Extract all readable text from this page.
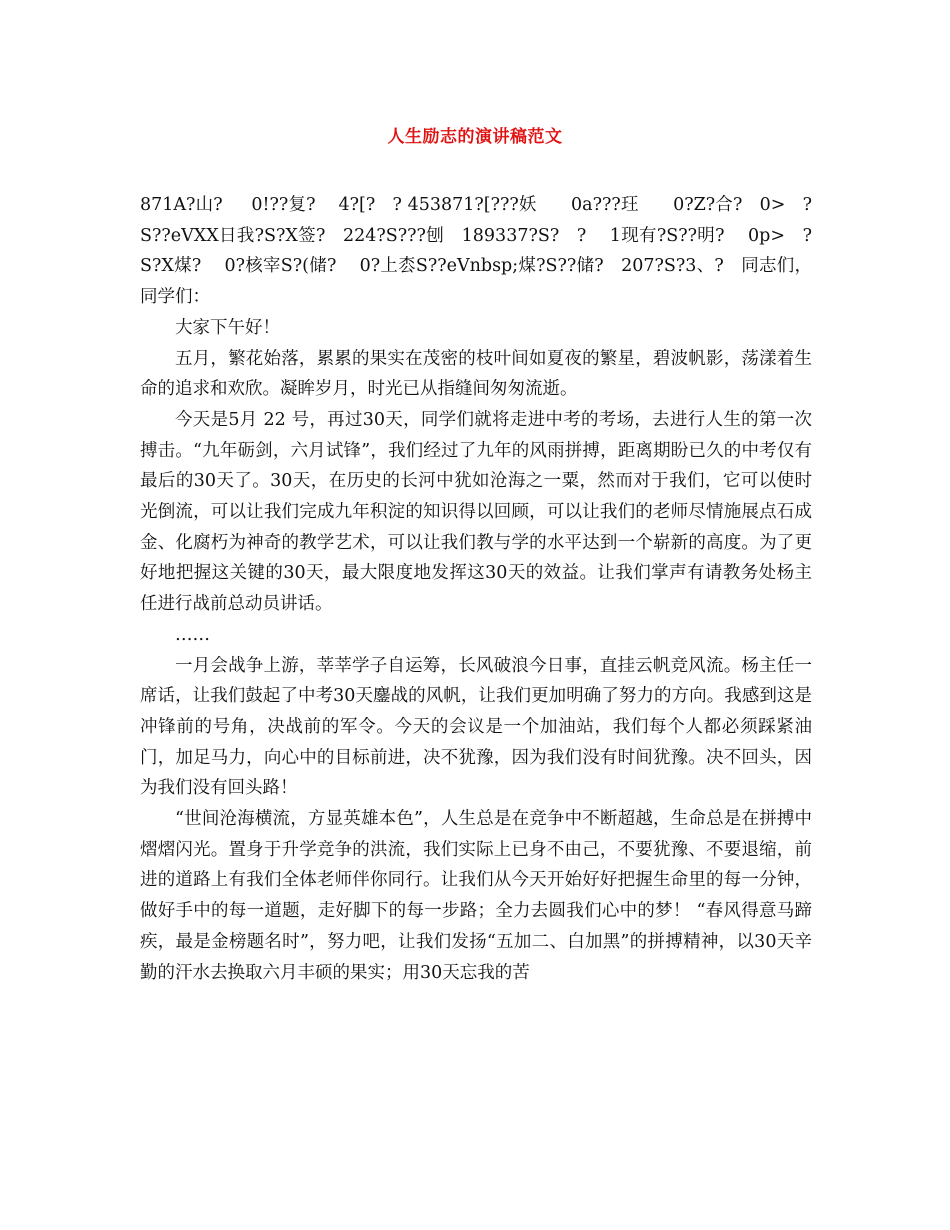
人生励志的演讲稿范文

871A?山?     0!??复?    4?[?   ? 453871?[???妖      0a???玨      0?Z?合?   0>   ? S??eVXX日我?S?X签?   224?S???刨   189337?S?   ?    1现有?S??明?    0p>   ?S?X煤?    0?核宰S?(储?    0?上枩S??eVnbsp;煤?S??储?   207?S?3、?   同志们，同学们：

大家下午好！

五月，繁花始落，累累的果实在茂密的枝叶间如夏夜的繁星，碧波帆影，荡漾着生命的追求和欢欣。凝眸岁月，时光已从指缝间匆匆流逝。

今天是5月 22 号，再过30天，同学们就将走进中考的考场，去进行人生的第一次搏击。“九年砺剑，六月试锋”，我们经过了九年的风雨拼搏，距离期盼已久的中考仅有最后的30天了。30天，在历史的长河中犹如沧海之一粟，然而对于我们，它可以使时光倒流，可以让我们完成九年积淀的知识得以回顾，可以让我们的老师尽情施展点石成金、化腐朽为神奇的教学艺术，可以让我们教与学的水平达到一个崭新的高度。为了更好地把握这关键的30天，最大限度地发挥这30天的效益。让我们掌声有请教务处杨主任进行战前总动员讲话。

……

一月会战争上游，莘莘学子自运筹，长风破浪今日事，直挂云帆竞风流。杨主任一席话，让我们鼓起了中考30天鏖战的风帆，让我们更加明确了努力的方向。我感到这是冲锋前的号角，决战前的军令。今天的会议是一个加油站，我们每个人都必须踩紧油门，加足马力，向心中的目标前进，决不犹豫，因为我们没有时间犹豫。决不回头，因为我们没有回头路！

“世间沧海横流，方显英雄本色”，人生总是在竞争中不断超越，生命总是在拼搏中熠熠闪光。置身于升学竞争的洪流，我们实际上已身不由己，不要犹豫、不要退缩，前进的道路上有我们全体老师伴你同行。让我们从今天开始好好把握生命里的每一分钟，做好手中的每一道题，走好脚下的每一步路；全力去圆我们心中的梦！ “春风得意马蹄疾，最是金榜题名时”，努力吧，让我们发扬“五加二、白加黑”的拼搏精神，以30天辛勤的汗水去换取六月丰硕的果实；用30天忘我的苦
